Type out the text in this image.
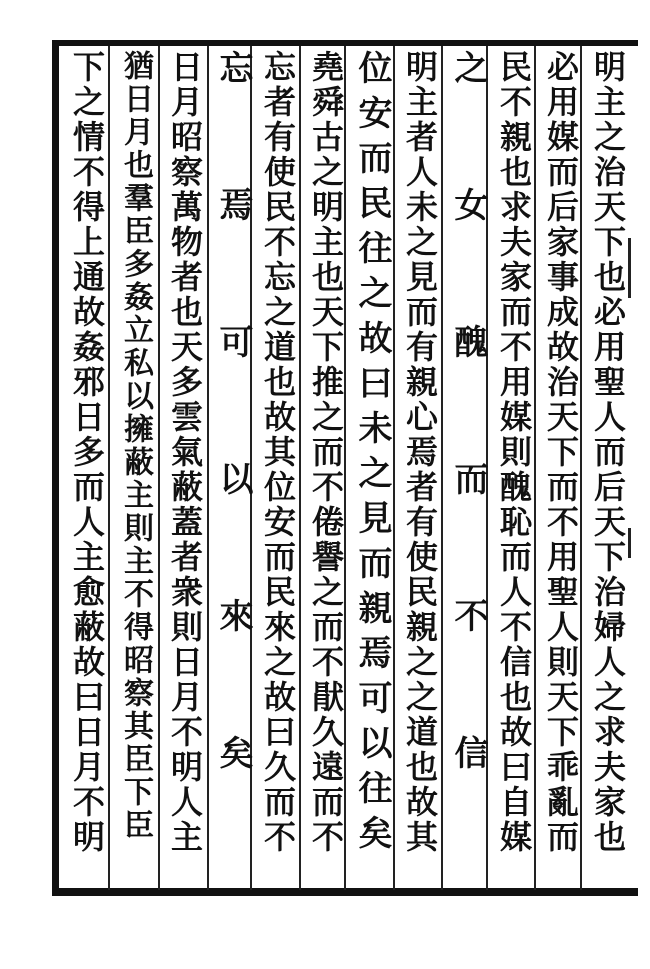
明主之治天下也必用聖人而后天下治婦人之求夫家也
必用媒而后家事成故治天下而不用聖人則天下乖亂而
民不親也求夫家而不用媒則醜恥而人不信也故曰自媒
之女醜而不信
明主者人未之見而有親心焉者有使民親之之道也故其
位安而民往之故曰未之見而親焉可以往矣
堯舜古之明主也天下推之而不倦譽之而不猒久遠而不
忘者有使民不忘之道也故其位安而民來之故曰久而不
忘焉可以來矣
日月昭察萬物者也天多雲氣蔽蓋者衆則日月不明人主
猶日月也羣臣多姦立私以擁蔽主則主不得昭察其臣下臣
下之情不得上通故姦邪日多而人主愈蔽故曰日月不明
